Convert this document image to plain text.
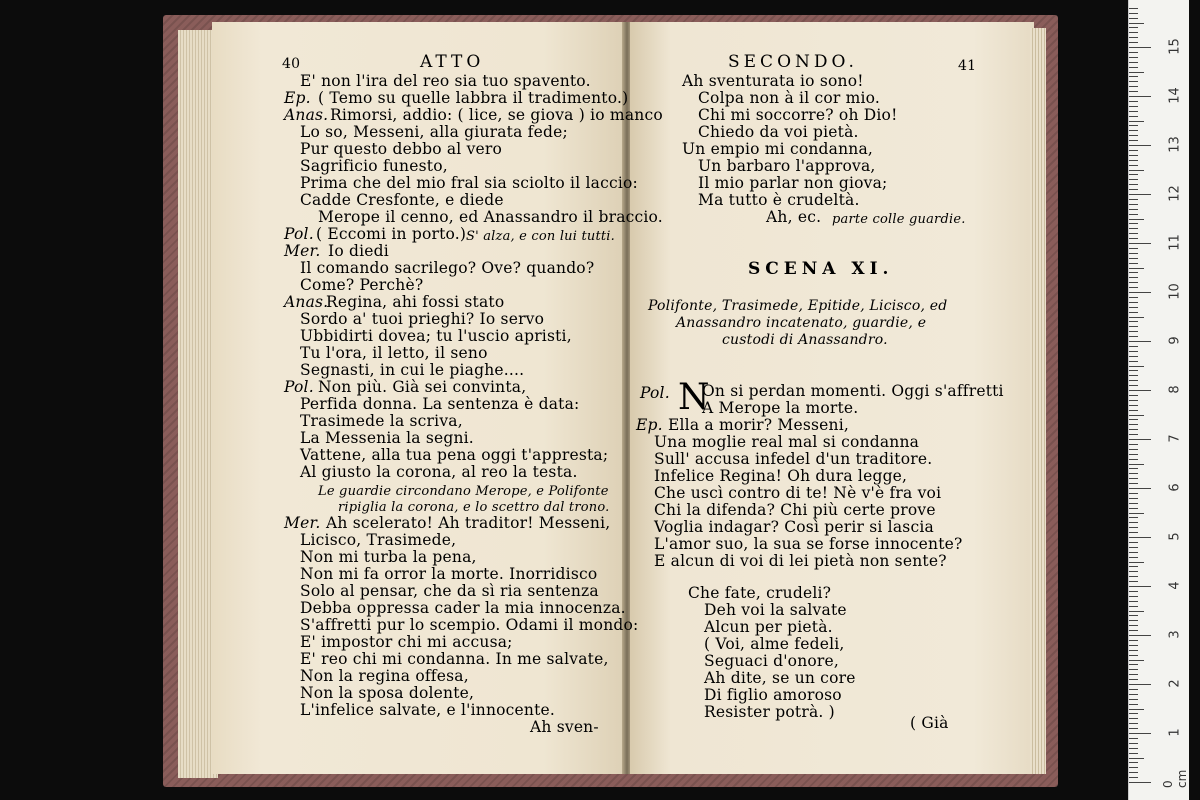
40	ATTO
E' non l'ira del reo sia tuo spavento.
Ep. ( Temo su quelle labbra il tradimento.)
Anas. Rimorsi, addio: ( lice, se giova ) io manco
Lo so, Messeni, alla giurata fede;
Pur questo debbo al vero
Sagrificio funesto,
Prima che del mio fral sia sciolto il laccio:
Cadde Cresfonte, e diede
Merope il cenno, ed Anassandro il braccio.
Pol. ( Eccomi in porto.) S' alza, e con lui tutti.
Mer. Io diedi
Il comando sacrilego? Ove? quando?
Come? Perchè?
Anas.
Regina, ahi fossi stato
Sordo a' tuoi prieghi? Io servo
Ubbidirti dovea; tu l'uscio apristi,
Tu l'ora, il letto, il seno
Segnasti, in cui le piaghe....
Pol. Non più. Già sei convinta,
Perfida donna. La sentenza è data:
Trasimede la scriva,
La Messenia la segni.
Vattene, alla tua pena oggi t'appresta;
Al giusto la corona, al reo la testa.
Le guardie circondano Merope, e Polifonte
ripiglia la corona, e lo scettro dal trono.
Mer. Ah scelerato! Ah traditor! Messeni,
Licisco, Trasimede,
Non mi turba la pena,
Non mi fa orror la morte. Inorridisco
Solo al pensar, che da sì ria sentenza
Debba oppressa cader la mia innocenza.
S'affretti pur lo scempio. Odami il mondo:
E' impostor chi mi accusa;
E' reo chi mi condanna. In me salvate,
Non la regina offesa,
Non la sposa dolente,
L'infelice salvate, e l'innocente.
Ah sven-
SECONDO.	41
Ah sventurata io sono!
Colpa non à il cor mio.
Chi mi soccorre? oh Dio!
Chiedo da voi pietà.
Un empio mi condanna,
Un barbaro l'approva,
Il mio parlar non giova;
Ma tutto è crudeltà.
Ah, ec. parte colle guardie.
SCENA XI.
Polifonte, Trasimede, Epitide, Licisco, ed
Anassandro incatenato, guardie, e
custodi di Anassandro.
Pol. N
On si perdan momenti. Oggi s'affretti
A Merope la morte.
Ep. Ella a morir? Messeni,
Una moglie real mal si condanna
Sull' accusa infedel d'un traditore.
Infelice Regina! Oh dura legge,
Che uscì contro di te! Nè v'è fra voi
Chi la difenda? Chi più certe prove
Voglia indagar? Così perir si lascia
L'amor suo, la sua se forse innocente?
E alcun di voi di lei pietà non sente?
Che fate, crudeli?
Deh voi la salvate
Alcun per pietà.
( Voi, alme fedeli,
Seguaci d'onore,
Ah dite, se un core
Di figlio amoroso
Resister potrà. )
( Già
0 cm
1
2
3
4
5
6
7
8
9
10
11
12
13
14
15
